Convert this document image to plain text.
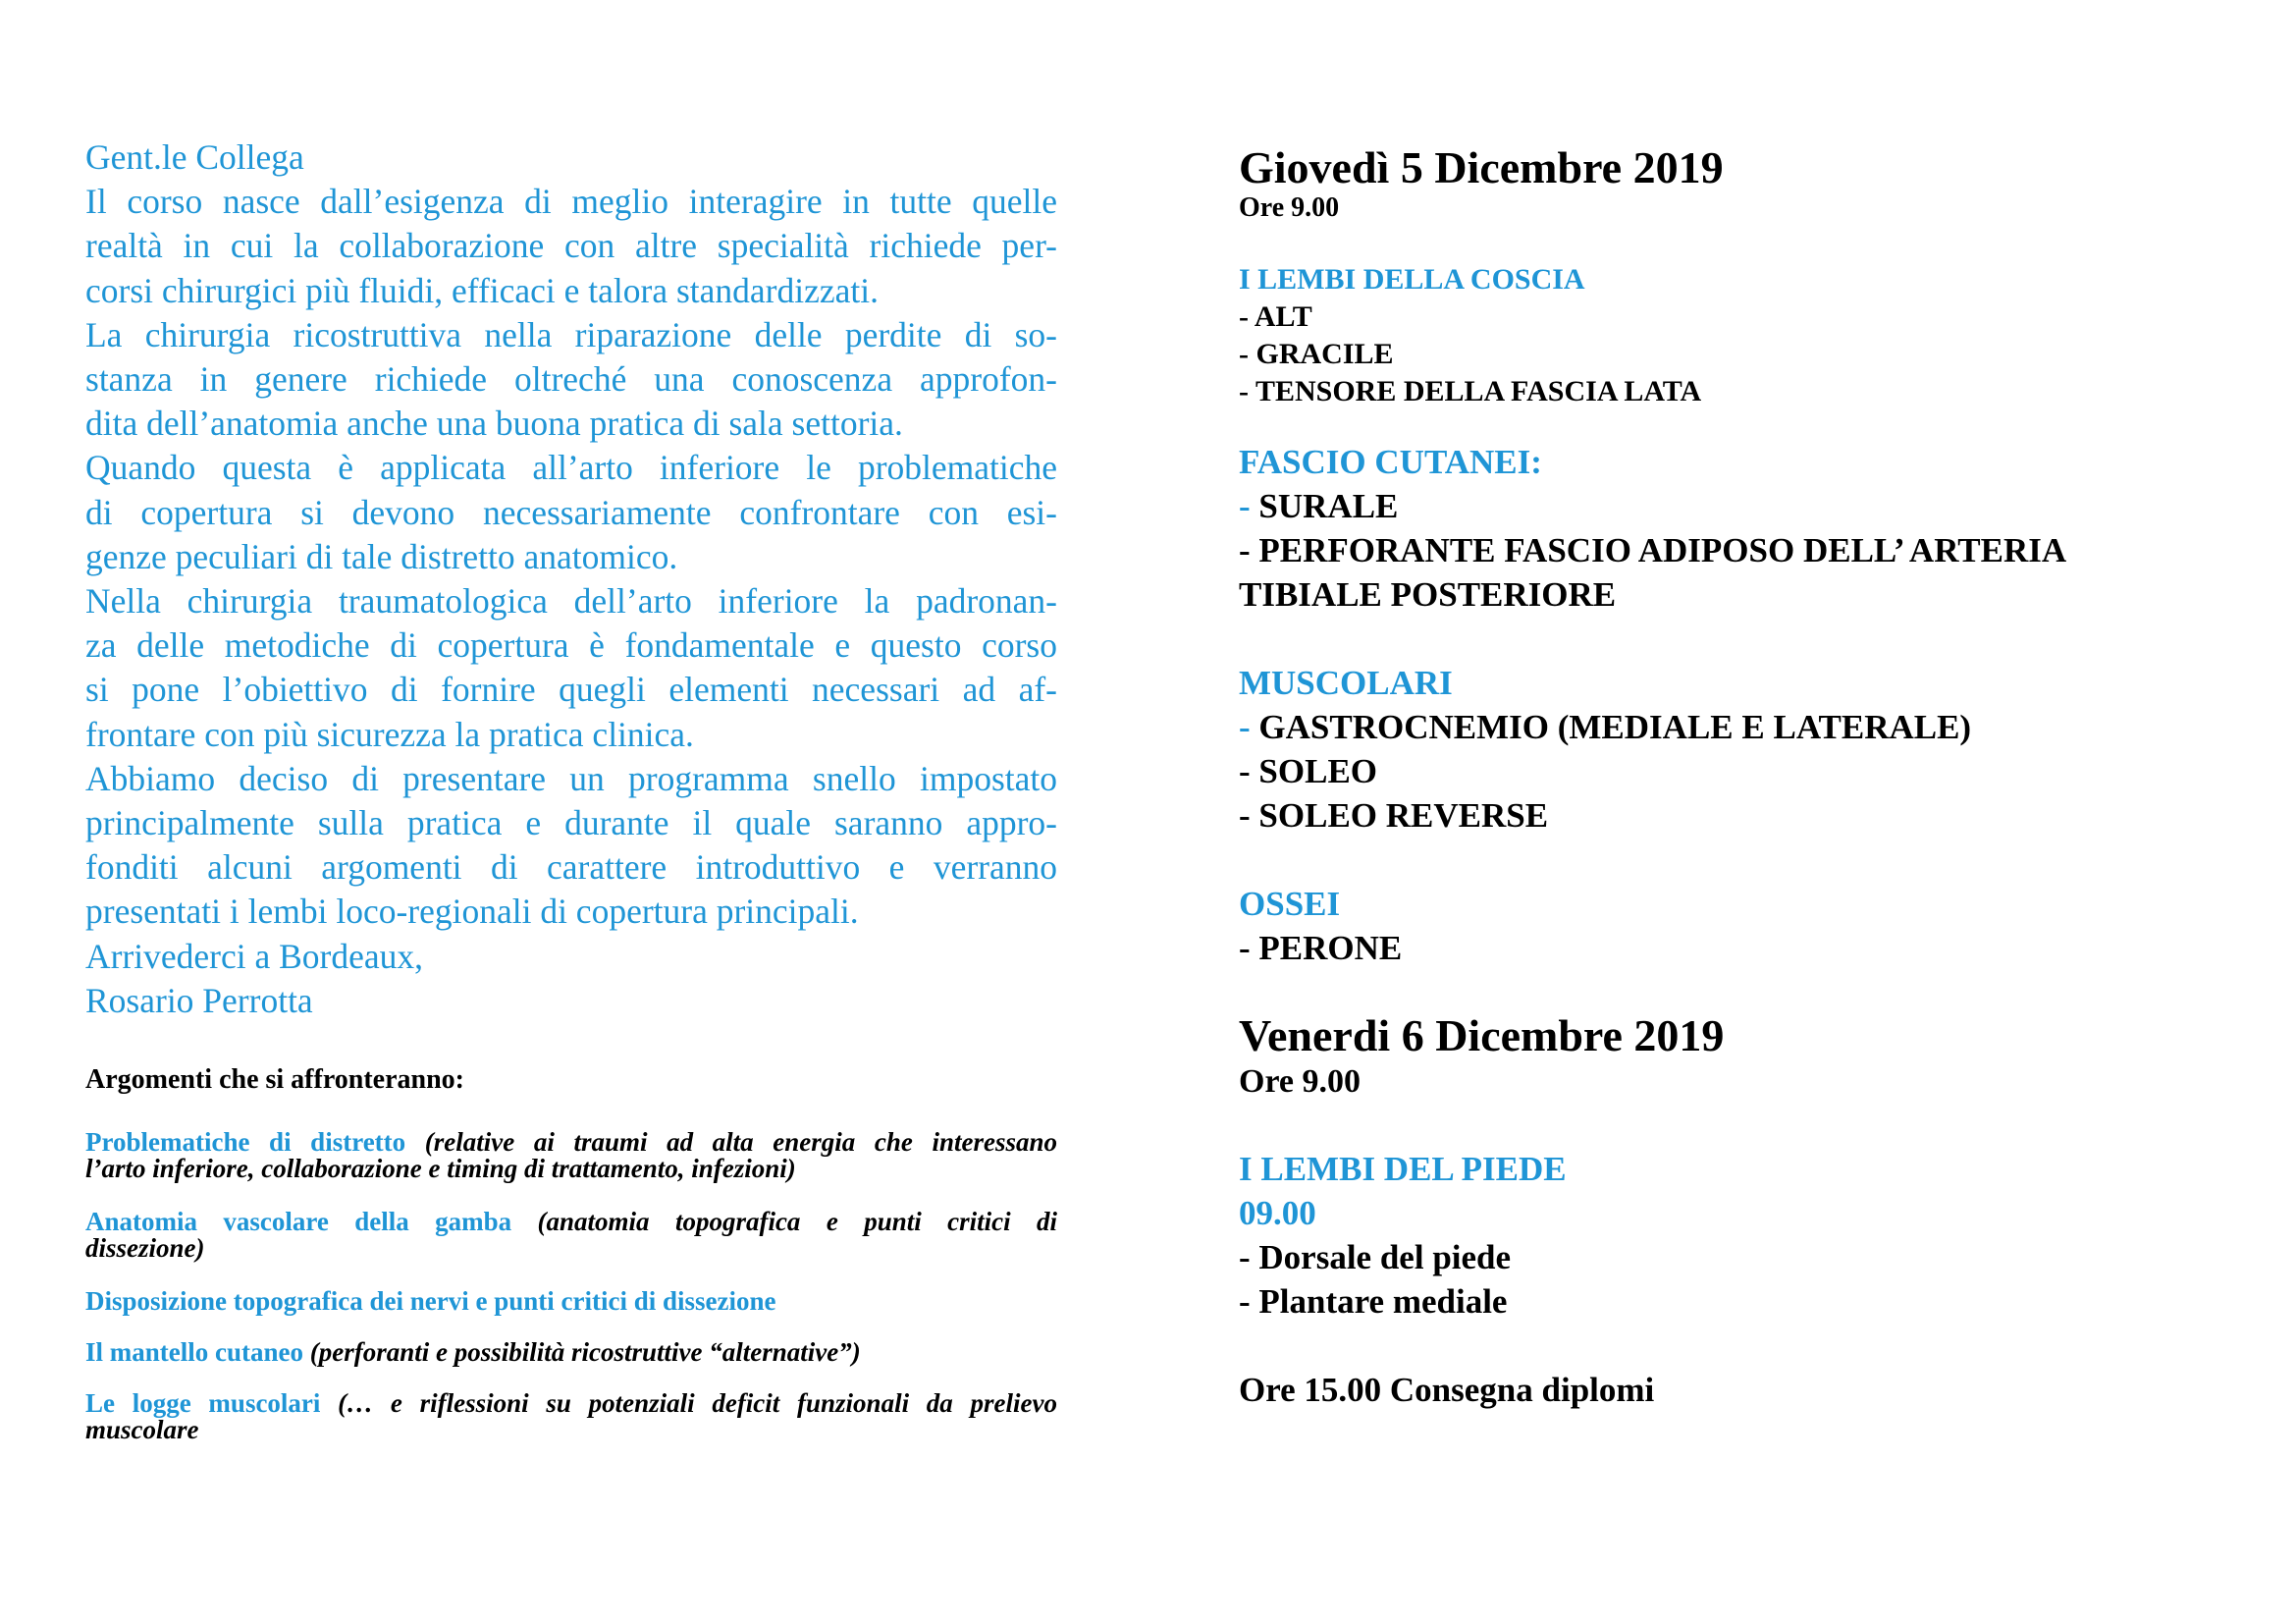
Gent.le Collega
Il corso nasce dall’esigenza di meglio interagire in tutte quelle
realtà in cui la collaborazione con altre specialità richiede per-
corsi chirurgici più fluidi, efficaci e talora standardizzati.
La chirurgia ricostruttiva nella riparazione delle perdite di so-
stanza in genere richiede oltreché una conoscenza approfon-
dita dell’anatomia anche una buona pratica di sala settoria.
Quando questa è applicata all’arto inferiore le problematiche
di copertura si devono necessariamente confrontare con esi-
genze peculiari di tale distretto anatomico.
Nella chirurgia traumatologica dell’arto inferiore la padronan-
za delle metodiche di copertura è fondamentale e questo corso
si pone l’obiettivo di fornire quegli elementi necessari ad af-
frontare con più sicurezza la pratica clinica.
Abbiamo deciso di presentare un programma snello impostato
principalmente sulla pratica e durante il quale saranno appro-
fonditi alcuni argomenti di carattere introduttivo e verranno
presentati i lembi loco-regionali di copertura principali.
Arrivederci a Bordeaux,
Rosario Perrotta
Argomenti che si affronteranno:
Problematiche di distretto (relative ai traumi ad alta energia che interessano
l’arto inferiore, collaborazione e timing di trattamento, infezioni)
Anatomia vascolare della gamba (anatomia topografica e punti critici di
dissezione)
Disposizione topografica dei nervi e punti critici di dissezione
Il mantello cutaneo (perforanti e possibilità ricostruttive “alternative”)
Le logge muscolari (… e riflessioni su potenziali deficit funzionali da prelievo
muscolare
Giovedì 5 Dicembre 2019
Ore 9.00
I LEMBI DELLA COSCIA
- ALT
- GRACILE
- TENSORE DELLA FASCIA LATA
FASCIO CUTANEI:
- SURALE
- PERFORANTE FASCIO ADIPOSO DELL’ ARTERIA
TIBIALE POSTERIORE
MUSCOLARI
- GASTROCNEMIO (MEDIALE E LATERALE)
- SOLEO
- SOLEO REVERSE
OSSEI
- PERONE
Venerdi 6 Dicembre 2019
Ore 9.00
I LEMBI DEL PIEDE
09.00
- Dorsale del piede
- Plantare mediale
Ore 15.00 Consegna diplomi
